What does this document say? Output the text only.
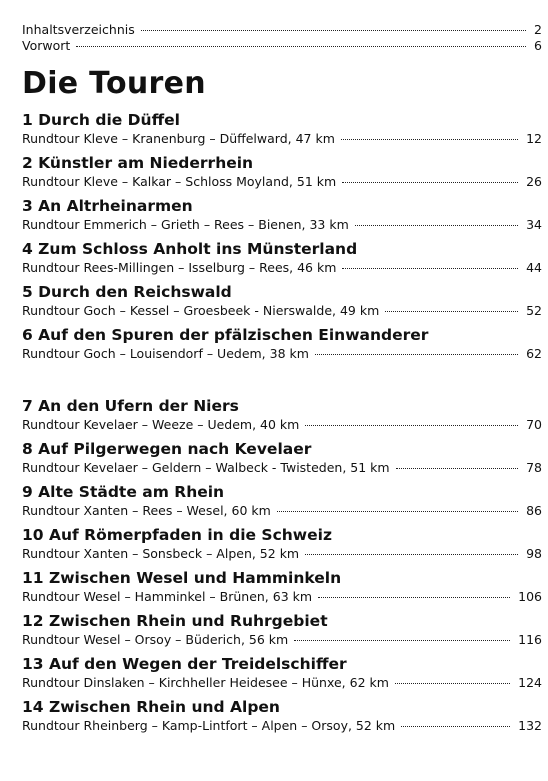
Inhaltsverzeichnis	2
Vorwort	6
Die Touren
1 Durch die Düffel
Rundtour Kleve – Kranenburg – Düffelward, 47 km	12
2 Künstler am Niederrhein
Rundtour Kleve – Kalkar – Schloss Moyland, 51 km	26
3 An Altrheinarmen
Rundtour Emmerich – Grieth – Rees – Bienen, 33 km	34
4 Zum Schloss Anholt ins Münsterland
Rundtour Rees-Millingen – Isselburg – Rees, 46 km	44
5 Durch den Reichswald
Rundtour Goch – Kessel – Groesbeek - Nierswalde, 49 km	52
6 Auf den Spuren der pfälzischen Einwanderer
Rundtour Goch – Louisendorf – Uedem, 38 km	62
7 An den Ufern der Niers
Rundtour Kevelaer – Weeze – Uedem, 40 km	70
8 Auf Pilgerwegen nach Kevelaer
Rundtour Kevelaer – Geldern – Walbeck - Twisteden, 51 km	78
9 Alte Städte am Rhein
Rundtour Xanten – Rees – Wesel, 60 km	86
10 Auf Römerpfaden in die Schweiz
Rundtour Xanten – Sonsbeck – Alpen, 52 km	98
11 Zwischen Wesel und Hamminkeln
Rundtour Wesel – Hamminkel – Brünen, 63 km	106
12 Zwischen Rhein und Ruhrgebiet
Rundtour Wesel – Orsoy – Büderich, 56 km	116
13 Auf den Wegen der Treidelschiffer
Rundtour Dinslaken – Kirchheller Heidesee – Hünxe, 62 km	124
14 Zwischen Rhein und Alpen
Rundtour Rheinberg – Kamp-Lintfort – Alpen – Orsoy, 52 km	132
